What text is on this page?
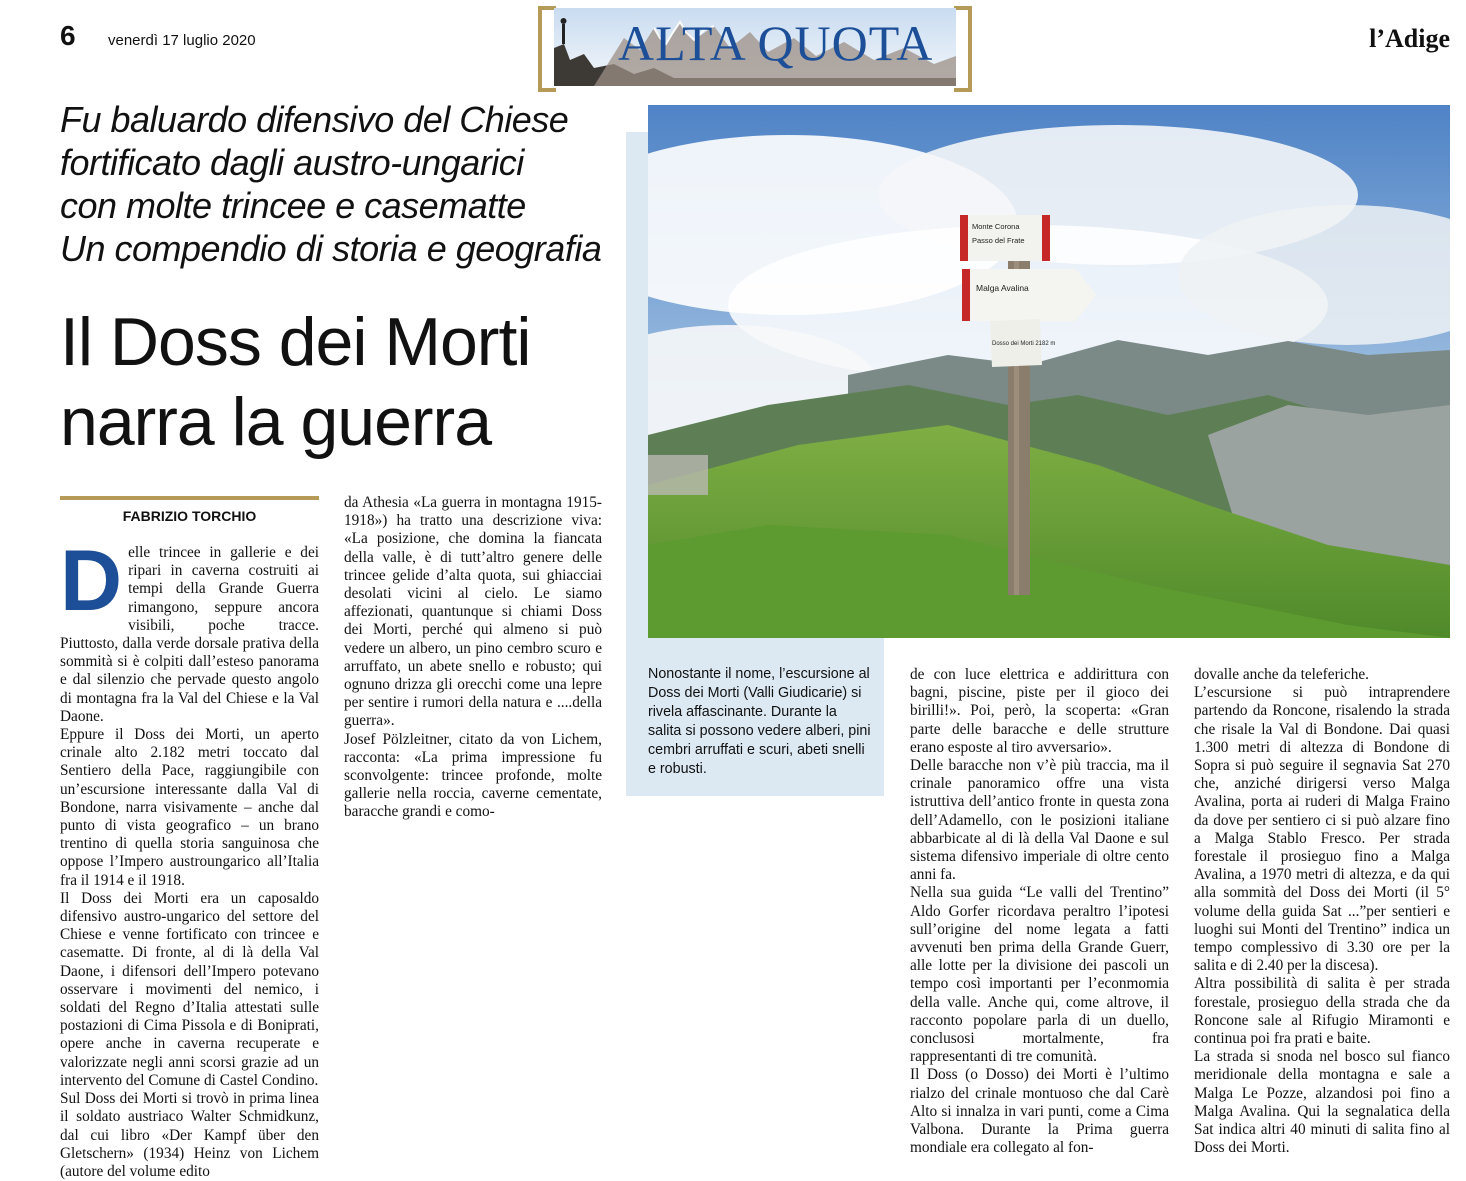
6 venerdì 17 luglio 2020	ALTA QUOTA	l’Adige
Fu baluardo difensivo del Chiese
fortificato dagli austro-ungarici
con molte trincee e casematte
Un compendio di storia e geografia
Il Doss dei Morti
narra la guerra
FABRIZIO TORCHIO
Monte Corona
Passo del Frate
Malga Avalina
Dosso dei Morti 2182 m
Nonostante il nome, l’escursione al Doss dei Morti (Valli Giudicarie) si rivela affascinante. Durante la salita si possono vedere alberi, pini cembri arruffati e scuri, abeti snelli e robusti.

Delle trincee in gallerie e dei ripari in caverna costruiti ai tempi della Grande Guerra rimangono, seppure ancora visibili, poche tracce. Piuttosto, dalla verde dorsale prativa della sommità si è colpiti dall’esteso panorama e dal silenzio che pervade questo angolo di montagna fra la Val del Chiese e la Val Daone.

Eppure il Doss dei Morti, un aperto crinale alto 2.182 metri toccato dal Sentiero della Pace, raggiungibile con un’escursione interessante dalla Val di Bondone, narra visivamente – anche dal punto di vista geografico – un brano trentino di quella storia sanguinosa che oppose l’Impero austroungarico all’Italia fra il 1914 e il 1918.

Il Doss dei Morti era un caposaldo difensivo austro-ungarico del settore del Chiese e venne fortificato con trincee e casematte. Di fronte, al di là della Val Daone, i difensori dell’Impero potevano osservare i movimenti del nemico, i soldati del Regno d’Italia attestati sulle postazioni di Cima Pissola e di Boniprati, opere anche in caverna recuperate e valorizzate negli anni scorsi grazie ad un intervento del Comune di Castel Condino.

Sul Doss dei Morti si trovò in prima linea il soldato austriaco Walter Schmidkunz, dal cui libro «Der Kampf über den Gletschern» (1934) Heinz von Lichem (autore del volume edito

da Athesia «La guerra in montagna 1915-1918») ha tratto una descrizione viva: «La posizione, che domina la fiancata della valle, è di tutt’altro genere delle trincee gelide d’alta quota, sui ghiacciai desolati vicini al cielo. Le siamo affezionati, quantunque si chiami Doss dei Morti, perché qui almeno si può vedere un albero, un pino cembro scuro e arruffato, un abete snello e robusto; qui ognuno drizza gli orecchi come una lepre per sentire i rumori della natura e ....della guerra».

Josef Pölzleitner, citato da von Lichem, racconta: «La prima impressione fu sconvolgente: trincee profonde, molte gallerie nella roccia, caverne cementate, baracche grandi e como-

de con luce elettrica e addirittura con bagni, piscine, piste per il gioco dei birilli!». Poi, però, la scoperta: «Gran parte delle baracche e delle strutture erano esposte al tiro avversario».

Delle baracche non v’è più traccia, ma il crinale panoramico offre una vista istruttiva dell’antico fronte in questa zona dell’Adamello, con le posizioni italiane abbarbicate al di là della Val Daone e sul sistema difensivo imperiale di oltre cento anni fa.

Nella sua guida “Le valli del Trentino” Aldo Gorfer ricordava peraltro l’ipotesi sull’origine del nome legata a fatti avvenuti ben prima della Grande Guerr, alle lotte per la divisione dei pascoli un tempo così importanti per l’econmomia della valle. Anche qui, come altrove, il racconto popolare parla di un duello, conclusosi mortalmente, fra rappresentanti di tre comunità.

Il Doss (o Dosso) dei Morti è l’ultimo rialzo del crinale montuoso che dal Carè Alto si innalza in vari punti, come a Cima Valbona. Durante la Prima guerra mondiale era collegato al fon-

dovalle anche da teleferiche.

L’escursione si può intraprendere partendo da Roncone, risalendo la strada che risale la Val di Bondone. Dai quasi 1.300 metri di altezza di Bondone di Sopra si può seguire il segnavia Sat 270 che, anziché dirigersi verso Malga Avalina, porta ai ruderi di Malga Fraino da dove per sentiero ci si può alzare fino a Malga Stablo Fresco. Per strada forestale il prosieguo fino a Malga Avalina, a 1970 metri di altezza, e da qui alla sommità del Doss dei Morti (il 5° volume della guida Sat ...”per sentieri e luoghi sui Monti del Trentino” indica un tempo complessivo di 3.30 ore per la salita e di 2.40 per la discesa).

Altra possibilità di salita è per strada forestale, prosieguo della strada che da Roncone sale al Rifugio Miramonti e continua poi fra prati e baite.

La strada si snoda nel bosco sul fianco meridionale della montagna e sale a Malga Le Pozze, alzandosi poi fino a Malga Avalina. Qui la segnalatica della Sat indica altri 40 minuti di salita fino al Doss dei Morti.
